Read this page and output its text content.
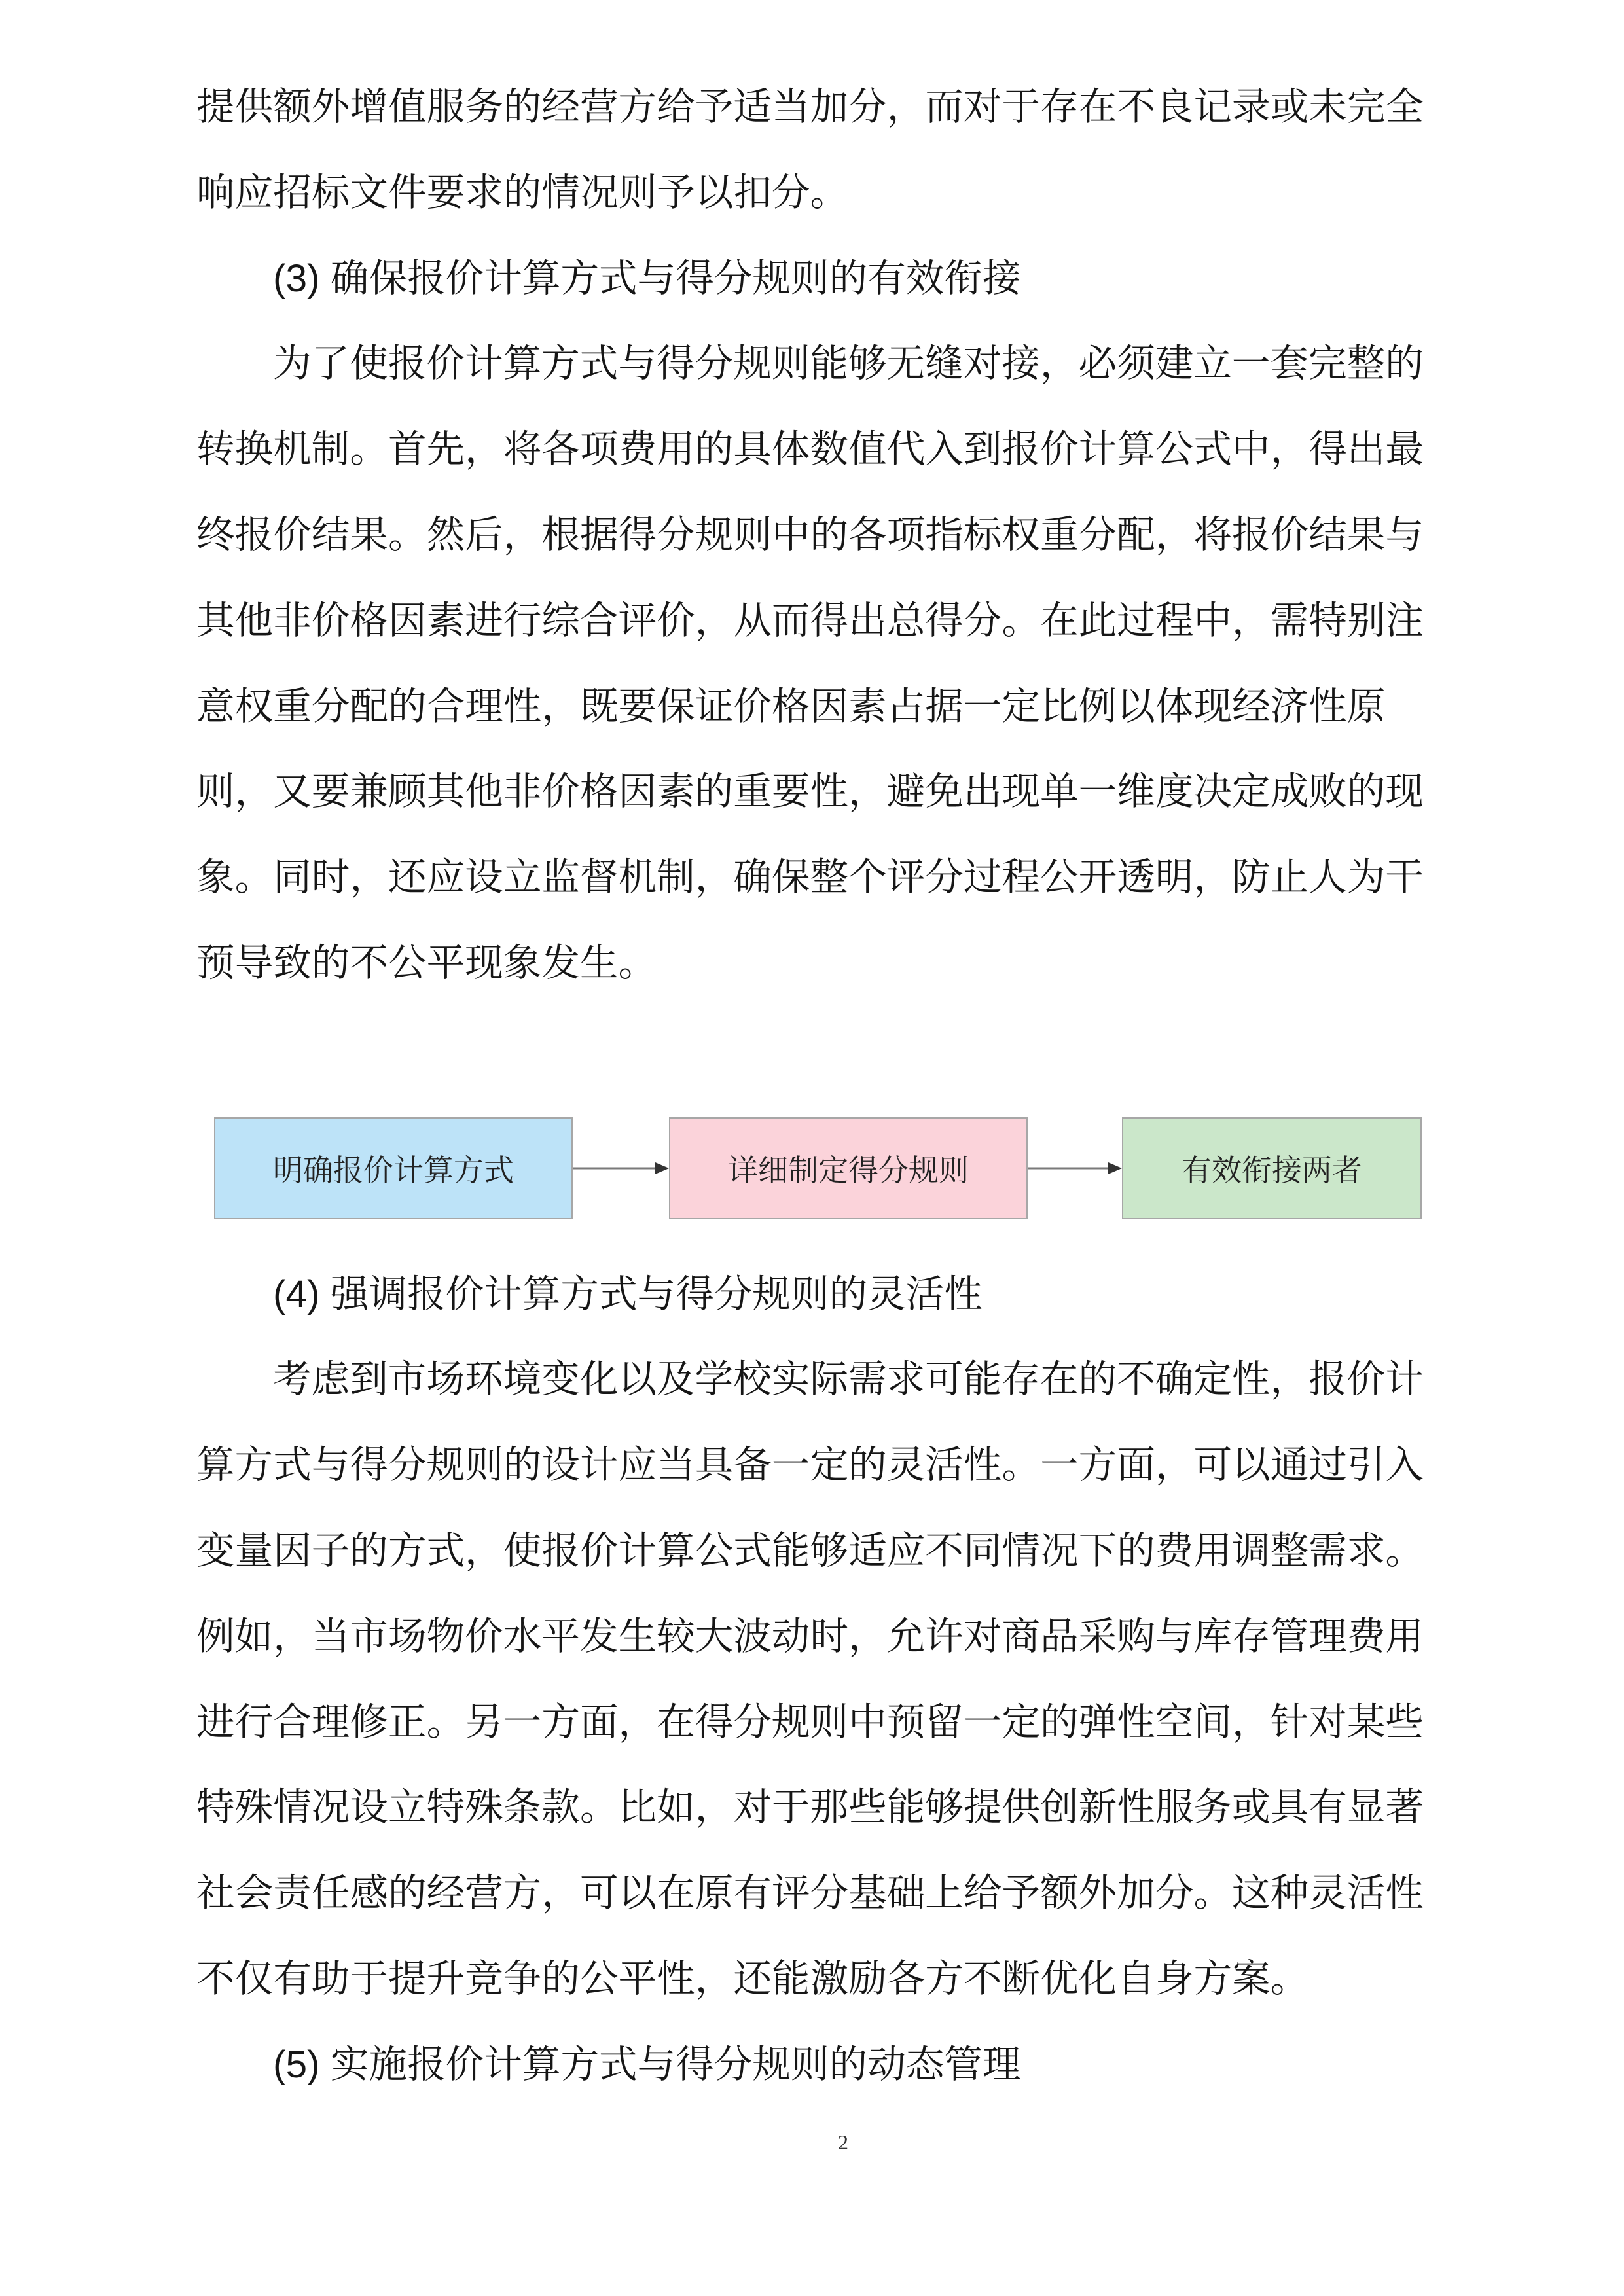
提供额外增值服务的经营方给予适当加分，而对于存在不良记录或未完全
响应招标文件要求的情况则予以扣分。
(3) 确保报价计算方式与得分规则的有效衔接
为了使报价计算方式与得分规则能够无缝对接，必须建立一套完整的
转换机制。首先，将各项费用的具体数值代入到报价计算公式中，得出最
终报价结果。然后，根据得分规则中的各项指标权重分配，将报价结果与
其他非价格因素进行综合评价，从而得出总得分。在此过程中，需特别注
意权重分配的合理性，既要保证价格因素占据一定比例以体现经济性原
则，又要兼顾其他非价格因素的重要性，避免出现单一维度决定成败的现
象。同时，还应设立监督机制，确保整个评分过程公开透明，防止人为干
预导致的不公平现象发生。
明确报价计算方式	详细制定得分规则	有效衔接两者
(4) 强调报价计算方式与得分规则的灵活性
考虑到市场环境变化以及学校实际需求可能存在的不确定性，报价计
算方式与得分规则的设计应当具备一定的灵活性。一方面，可以通过引入
变量因子的方式，使报价计算公式能够适应不同情况下的费用调整需求。
例如，当市场物价水平发生较大波动时，允许对商品采购与库存管理费用
进行合理修正。另一方面，在得分规则中预留一定的弹性空间，针对某些
特殊情况设立特殊条款。比如，对于那些能够提供创新性服务或具有显著
社会责任感的经营方，可以在原有评分基础上给予额外加分。这种灵活性
不仅有助于提升竞争的公平性，还能激励各方不断优化自身方案。
(5) 实施报价计算方式与得分规则的动态管理
2
